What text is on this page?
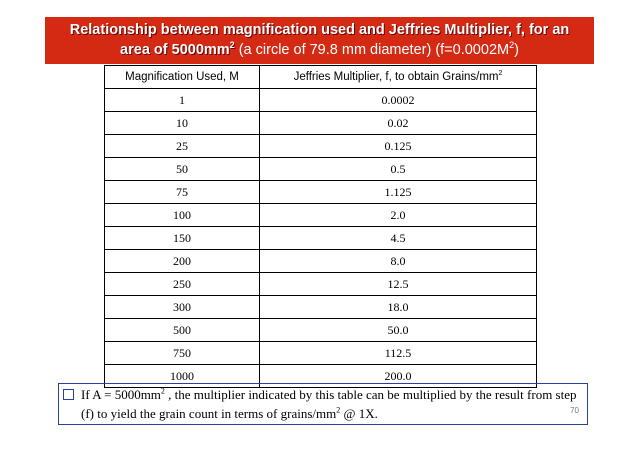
Relationship between magnification used and Jeffries Multiplier, f, for an
area of $5000mm^2$ (a circle of 79.8 mm diameter) $(f=0.0002M^2)$
Magnification Used, M	Jeffries Multiplier, f, to obtain Grains/$mm^2$
1	0.0002
10	0.02
25	0.125
50	0.5
75	1.125
100	2.0
150	4.5
200	8.0
250	12.5
300	18.0
500	50.0
750	112.5
1000	200.0
If $A = 5000mm^2$ , the multiplier indicated by this table can be multiplied by the result from step (f) to yield the grain count in terms of grains/$mm^2$ @ 1X.	70
